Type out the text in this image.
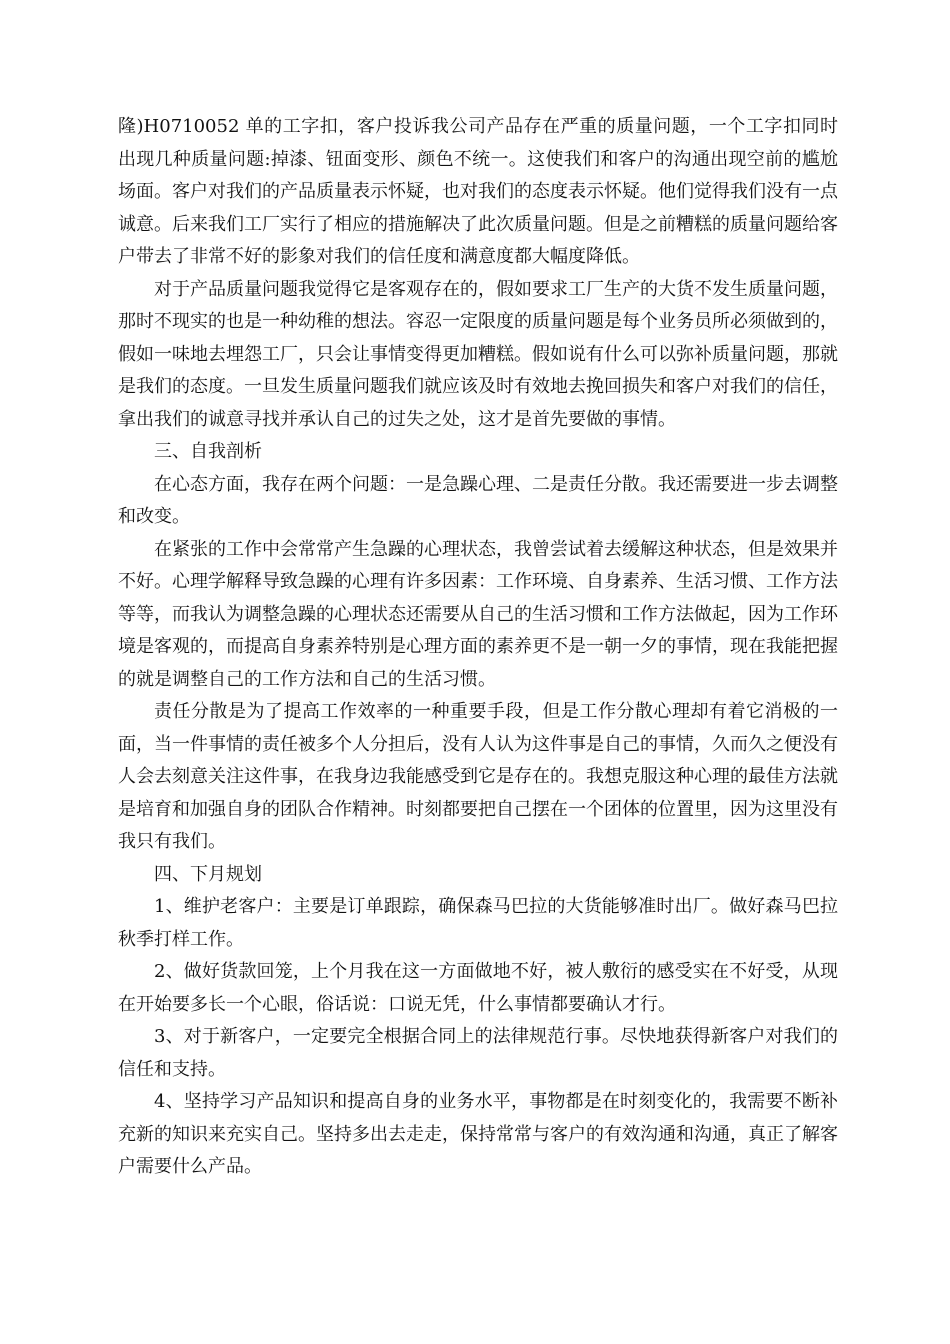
隆)H0710052 单的工字扣，客户投诉我公司产品存在严重的质量问题，一个工字扣同时出现几种质量问题:掉漆、钮面变形、颜色不统一。这使我们和客户的沟通出现空前的尴尬场面。客户对我们的产品质量表示怀疑，也对我们的态度表示怀疑。他们觉得我们没有一点诚意。后来我们工厂实行了相应的措施解决了此次质量问题。但是之前糟糕的质量问题给客户带去了非常不好的影象对我们的信任度和满意度都大幅度降低。

对于产品质量问题我觉得它是客观存在的，假如要求工厂生产的大货不发生质量问题，那时不现实的也是一种幼稚的想法。容忍一定限度的质量问题是每个业务员所必须做到的，假如一味地去埋怨工厂，只会让事情变得更加糟糕。假如说有什么可以弥补质量问题，那就是我们的态度。一旦发生质量问题我们就应该及时有效地去挽回损失和客户对我们的信任，拿出我们的诚意寻找并承认自己的过失之处，这才是首先要做的事情。

三、自我剖析

在心态方面，我存在两个问题：一是急躁心理、二是责任分散。我还需要进一步去调整和改变。

在紧张的工作中会常常产生急躁的心理状态，我曾尝试着去缓解这种状态，但是效果并不好。心理学解释导致急躁的心理有许多因素：工作环境、自身素养、生活习惯、工作方法等等，而我认为调整急躁的心理状态还需要从自己的生活习惯和工作方法做起，因为工作环境是客观的，而提高自身素养特别是心理方面的素养更不是一朝一夕的事情，现在我能把握的就是调整自己的工作方法和自己的生活习惯。

责任分散是为了提高工作效率的一种重要手段，但是工作分散心理却有着它消极的一面，当一件事情的责任被多个人分担后，没有人认为这件事是自己的事情，久而久之便没有人会去刻意关注这件事，在我身边我能感受到它是存在的。我想克服这种心理的最佳方法就是培育和加强自身的团队合作精神。时刻都要把自己摆在一个团体的位置里，因为这里没有我只有我们。

四、下月规划

1、维护老客户：主要是订单跟踪，确保森马巴拉的大货能够准时出厂。做好森马巴拉秋季打样工作。

2、做好货款回笼，上个月我在这一方面做地不好，被人敷衍的感受实在不好受，从现在开始要多长一个心眼，俗话说：口说无凭，什么事情都要确认才行。

3、对于新客户，一定要完全根据合同上的法律规范行事。尽快地获得新客户对我们的信任和支持。

4、坚持学习产品知识和提高自身的业务水平，事物都是在时刻变化的，我需要不断补充新的知识来充实自己。坚持多出去走走，保持常常与客户的有效沟通和沟通，真正了解客户需要什么产品。
